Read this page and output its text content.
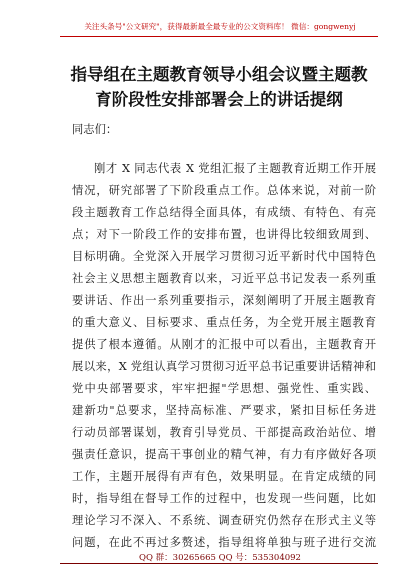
关注头条号"公文研究"，获得最新最全最专业的公文资料库！ 微信：gongwenyj
指导组在主题教育领导小组会议暨主题教
育阶段性安排部署会上的讲话提纲
同志们：
刚才 X 同志代表 X 党组汇报了主题教育近期工作开展
情况，研究部署了下阶段重点工作。总体来说，对前一阶
段主题教育工作总结得全面具体，有成绩、有特色、有亮
点；对下一阶段工作的安排布置，也讲得比较细致周到、
目标明确。全党深入开展学习贯彻习近平新时代中国特色
社会主义思想主题教育以来，习近平总书记发表一系列重
要讲话、作出一系列重要指示，深刻阐明了开展主题教育
的重大意义、目标要求、重点任务，为全党开展主题教育
提供了根本遵循。从刚才的汇报中可以看出，主题教育开
展以来，X 党组认真学习贯彻习近平总书记重要讲话精神和
党中央部署要求，牢牢把握"学思想、强党性、重实践、
建新功"总要求，坚持高标准、严要求，紧扣目标任务进
行动员部署谋划，教育引导党员、干部提高政治站位、增
强责任意识，提高干事创业的精气神，有力有序做好各项
工作，主题开展得有声有色，效果明显。在肯定成绩的同
时，指导组在督导工作的过程中，也发现一些问题，比如
理论学习不深入、不系统、调查研究仍然存在形式主义等
问题，在此不再过多赘述，指导组将单独与班子进行交流
QQ 群：30265665 QQ 号：535304092
